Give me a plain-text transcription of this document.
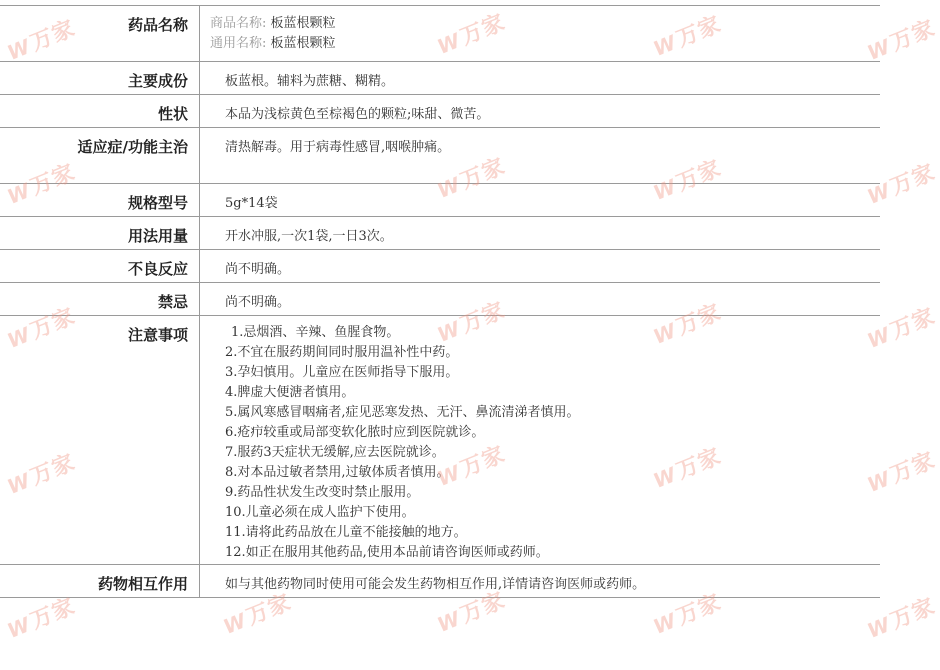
药品名称	商品名称: 板蓝根颗粒
通用名称: 板蓝根颗粒
主要成份	板蓝根。辅料为蔗糖、糊精。
性状	本品为浅棕黄色至棕褐色的颗粒;味甜、微苦。
适应症/功能主治	清热解毒。用于病毒性感冒,咽喉肿痛。
规格型号	5g*14袋
用法用量	开水冲服,一次1袋,一日3次。
不良反应	尚不明确。
禁忌	尚不明确。
注意事项	1.忌烟酒、辛辣、鱼腥食物。
2.不宜在服药期间同时服用温补性中药。
3.孕妇慎用。儿童应在医师指导下服用。
4.脾虚大便溏者慎用。
5.属风寒感冒咽痛者,症见恶寒发热、无汗、鼻流清涕者慎用。
6.疮疖较重或局部变软化脓时应到医院就诊。
7.服药3天症状无缓解,应去医院就诊。
8.对本品过敏者禁用,过敏体质者慎用。
9.药品性状发生改变时禁止服用。
10.儿童必须在成人监护下使用。
11.请将此药品放在儿童不能接触的地方。
12.如正在服用其他药品,使用本品前请咨询医师或药师。
药物相互作用	如与其他药物同时使用可能会发生药物相互作用,详情请咨询医师或药师。
W万家	W万家	W万家	W万家
W万家	W万家	W万家	W万家
W万家	W万家	W万家	W万家
W万家	W万家	W万家	W万家
W万家	W万家	W万家	W万家	W万家
